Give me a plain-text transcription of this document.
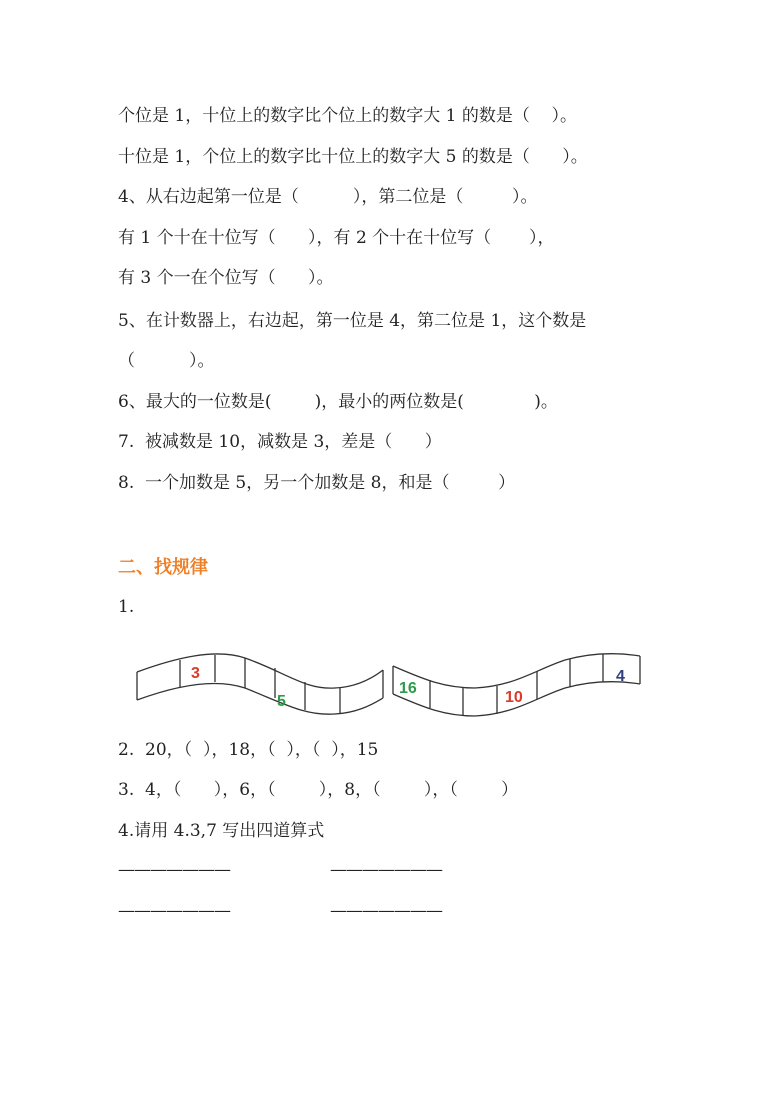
个位是 1，十位上的数字比个位上的数字大 1 的数是（    ）。
十位是 1，个位上的数字比十位上的数字大 5 的数是（      ）。
4、从右边起第一位是（          ），第二位是（         ）。
有 1 个十在十位写（      ），有 2 个十在十位写（       ），
有 3 个一在个位写（      ）。
5、在计数器上，右边起，第一位是 4，第二位是 1，这个数是
（          ）。
6、最大的一位数是(        )，最小的两位数是(             )。
7.  被减数是 10，减数是 3，差是（      ）
8.  一个加数是 5，另一个加数是 8，和是（         ）
二、找规律
1.
3
5
16
10
4
2.  20，（  ），18，（  ），（  ），15
3.  4，（      ），6，（        ），8，（        ），（        ）
4.请用 4.3,7 写出四道算式
———————	———————
———————	———————
